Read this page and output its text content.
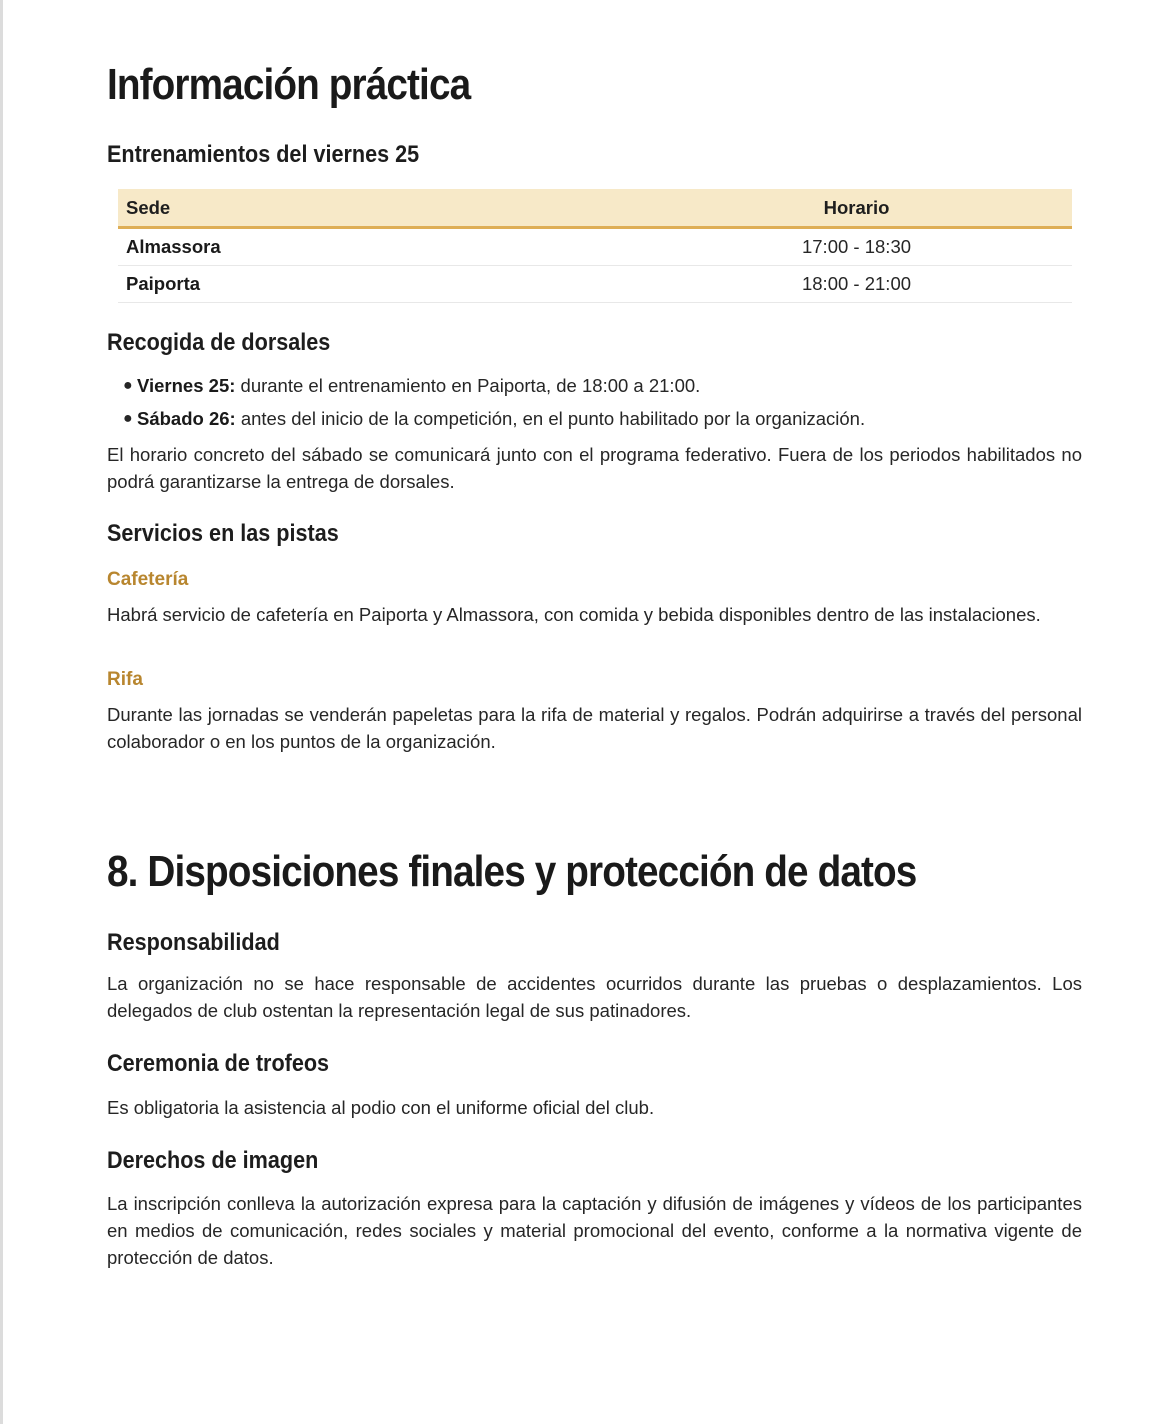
Información práctica
Entrenamientos del viernes 25
Sede	Horario
Almassora	17:00 - 18:30
Paiporta	18:00 - 21:00
Recogida de dorsales

● Viernes 25: durante el entrenamiento en Paiporta, de 18:00 a 21:00.

● Sábado 26: antes del inicio de la competición, en el punto habilitado por la organización.

El horario concreto del sábado se comunicará junto con el programa federativo. Fuera de los periodos habilitados no podrá garantizarse la entrega de dorsales.

Servicios en las pistas
Cafetería

Habrá servicio de cafetería en Paiporta y Almassora, con comida y bebida disponibles dentro de las instalaciones.

Rifa

Durante las jornadas se venderán papeletas para la rifa de material y regalos. Podrán adquirirse a través del personal colaborador o en los puntos de la organización.

8. Disposiciones finales y protección de datos
Responsabilidad

La organización no se hace responsable de accidentes ocurridos durante las pruebas o desplazamientos. Los delegados de club ostentan la representación legal de sus patinadores.

Ceremonia de trofeos

Es obligatoria la asistencia al podio con el uniforme oficial del club.

Derechos de imagen

La inscripción conlleva la autorización expresa para la captación y difusión de imágenes y vídeos de los participantes en medios de comunicación, redes sociales y material promocional del evento, conforme a la normativa vigente de protección de datos.
